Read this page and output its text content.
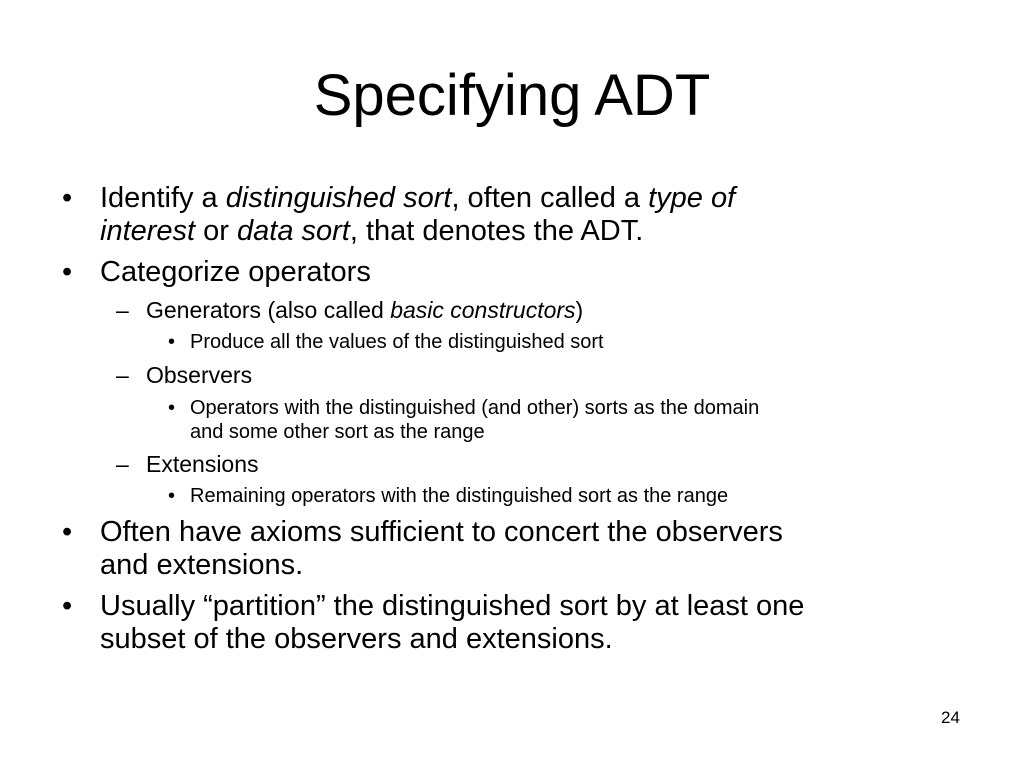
Specifying ADT
• Identify a distinguished sort, often called a type of
interest or data sort, that denotes the ADT.
• Categorize operators
– Generators (also called basic constructors)
• Produce all the values of the distinguished sort
– Observers
• Operators with the distinguished (and other) sorts as the domain
and some other sort as the range
– Extensions
• Remaining operators with the distinguished sort as the range
• Often have axioms sufficient to concert the observers
and extensions.
• Usually “partition” the distinguished sort by at least one
subset of the observers and extensions.
24
